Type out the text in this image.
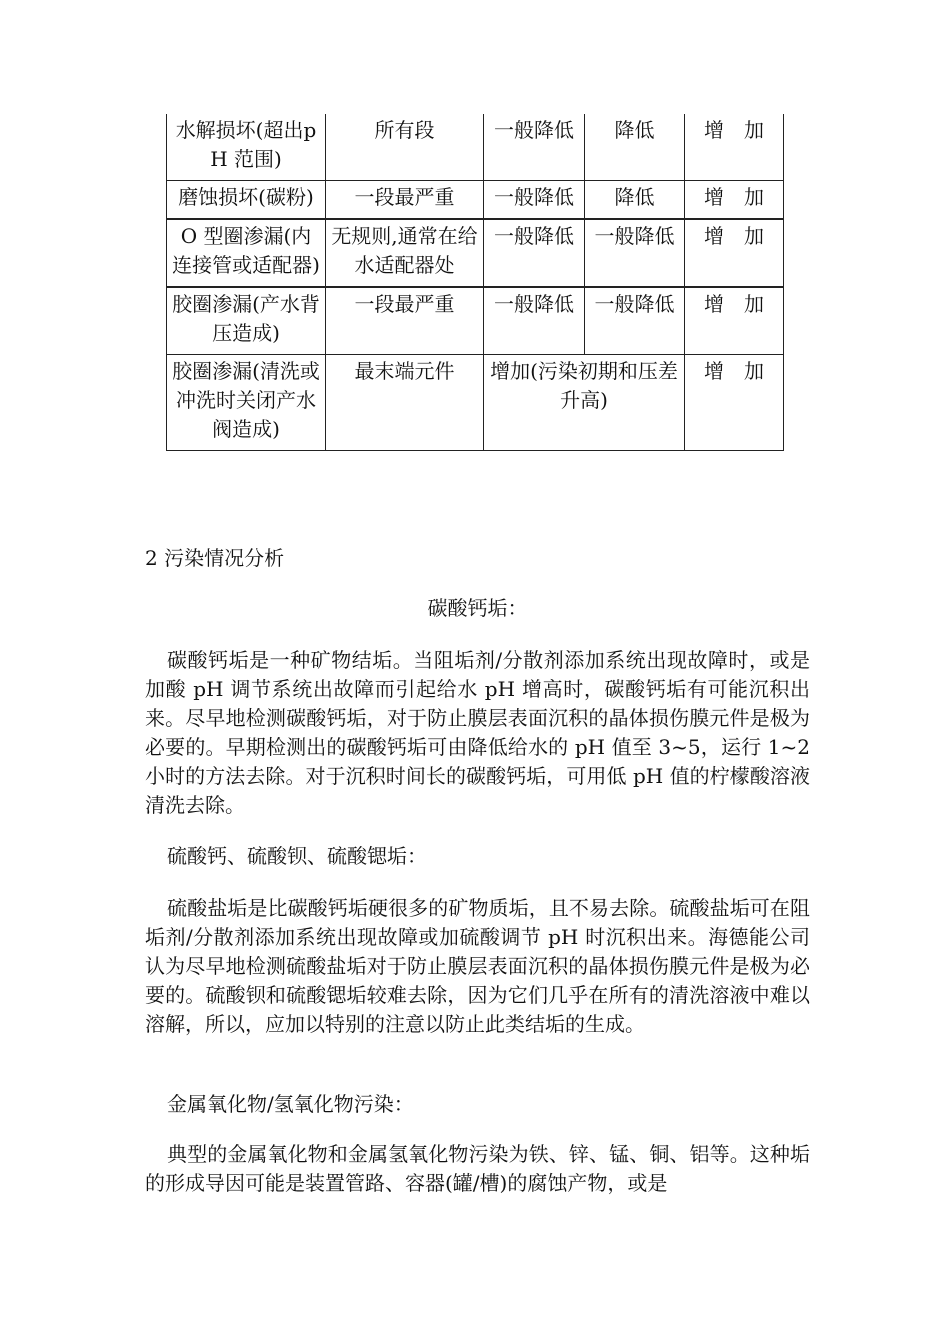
水解损坏(超出pH 范围)	所有段	一般降低	降低	增　加
磨蚀损坏(碳粉)	一段最严重	一般降低	降低	增　加
O 型圈渗漏(内连接管或适配器)	无规则,通常在给水适配器处	一般降低	一般降低	增　加
胶圈渗漏(产水背压造成)	一段最严重	一般降低	一般降低	增　加
胶圈渗漏(清洗或冲洗时关闭产水阀造成)	最末端元件	增加(污染初期和压差升高)		增　加
2 污染情况分析
碳酸钙垢：
碳酸钙垢是一种矿物结垢。当阻垢剂/分散剂添加系统出现故障时，或是加酸 pH 调节系统出故障而引起给水 pH 增高时，碳酸钙垢有可能沉积出来。尽早地检测碳酸钙垢，对于防止膜层表面沉积的晶体损伤膜元件是极为必要的。早期检测出的碳酸钙垢可由降低给水的 pH 值至 3~5，运行 1~2 小时的方法去除。对于沉积时间长的碳酸钙垢，可用低 pH 值的柠檬酸溶液清洗去除。
硫酸钙、硫酸钡、硫酸锶垢：
硫酸盐垢是比碳酸钙垢硬很多的矿物质垢，且不易去除。硫酸盐垢可在阻垢剂/分散剂添加系统出现故障或加硫酸调节 pH 时沉积出来。海德能公司认为尽早地检测硫酸盐垢对于防止膜层表面沉积的晶体损伤膜元件是极为必要的。硫酸钡和硫酸锶垢较难去除，因为它们几乎在所有的清洗溶液中难以溶解，所以，应加以特别的注意以防止此类结垢的生成。
金属氧化物/氢氧化物污染：
典型的金属氧化物和金属氢氧化物污染为铁、锌、锰、铜、铝等。这种垢的形成导因可能是装置管路、容器(罐/槽)的腐蚀产物，或是
